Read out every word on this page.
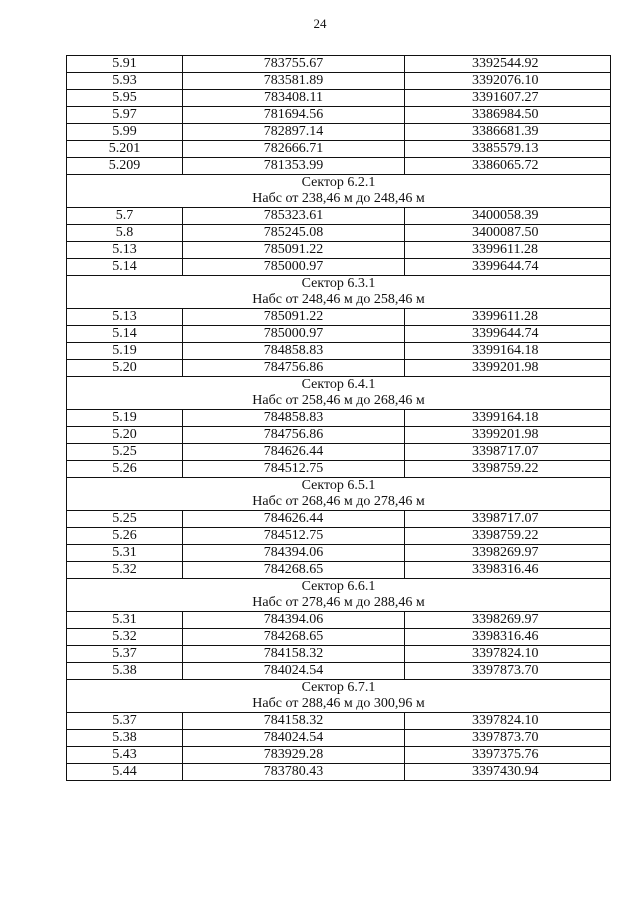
24
5.91	783755.67	3392544.92
5.93	783581.89	3392076.10
5.95	783408.11	3391607.27
5.97	781694.56	3386984.50
5.99	782897.14	3386681.39
5.201	782666.71	3385579.13
5.209	781353.99	3386065.72

Сектор 6.2.1
Набс от 238,46 м до 248,46 м		

5.7	785323.61	3400058.39
5.8	785245.08	3400087.50
5.13	785091.22	3399611.28
5.14	785000.97	3399644.74

Сектор 6.3.1
Набс от 248,46 м до 258,46 м		

5.13	785091.22	3399611.28
5.14	785000.97	3399644.74
5.19	784858.83	3399164.18
5.20	784756.86	3399201.98

Сектор 6.4.1
Набс от 258,46 м до 268,46 м		

5.19	784858.83	3399164.18
5.20	784756.86	3399201.98
5.25	784626.44	3398717.07
5.26	784512.75	3398759.22

Сектор 6.5.1
Набс от 268,46 м до 278,46 м		

5.25	784626.44	3398717.07
5.26	784512.75	3398759.22
5.31	784394.06	3398269.97
5.32	784268.65	3398316.46

Сектор 6.6.1
Набс от 278,46 м до 288,46 м		

5.31	784394.06	3398269.97
5.32	784268.65	3398316.46
5.37	784158.32	3397824.10
5.38	784024.54	3397873.70

Сектор 6.7.1
Набс от 288,46 м до 300,96 м		

5.37	784158.32	3397824.10
5.38	784024.54	3397873.70
5.43	783929.28	3397375.76
5.44	783780.43	3397430.94
